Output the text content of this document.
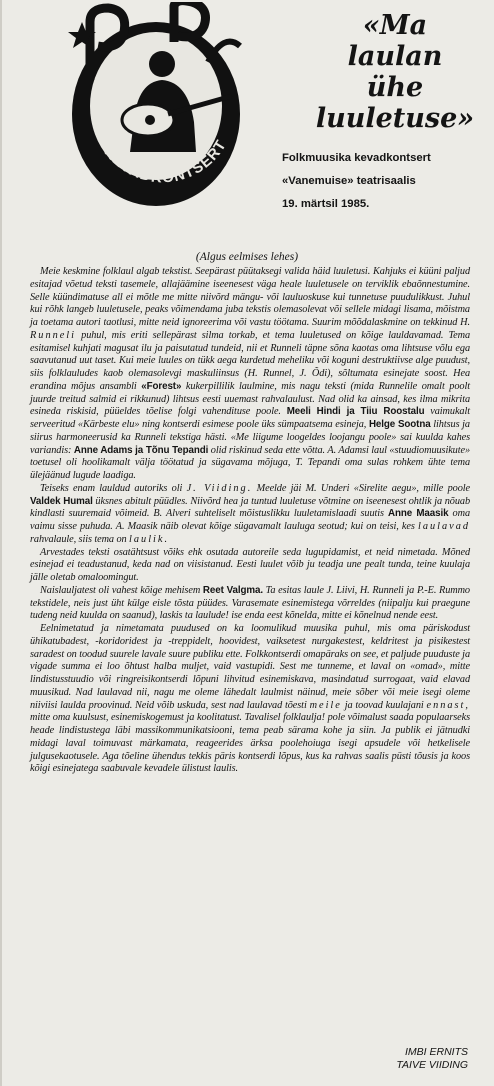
KEVADKONTSERT
«Ma
laulan
ühe
luuletuse»
Folkmuusika kevadkontsert
«Vanemuise» teatrisaalis
19. märtsil 1985.
(Algus eelmises lehes)

Meie keskmine folklaul algab tekstist. Seepärast püütaksegi valida häid luuletusi. Kahjuks ei küüni paljud esitajad võetud teksti tasemele, allajäämine iseenesest väga heale luuletusele on terviklik ebaõnnestumine. Selle küündimatuse all ei mõtle me mitte niivõrd mängu- või lauluoskuse kui tunnetuse puudulikkust. Juhul kui rõhk langeb luuletusele, peaks võimendama juba tekstis olemasolevat või sellele midagi lisama, mõistma ja toetama autori taotlusi, mitte neid ignoreerima või vastu töötama. Suurim mõõdalaskmine on tekkinud H. Runneli puhul, mis eriti sellepärast silma torkab, et tema luuletused on kõige lauldavamad. Tema esitamisel kuhjati magusat ilu ja paisutatud tundeid, nii et Runneli täpne sõna kaotas oma lihtsuse võlu ega saavutanud uut taset. Kui meie luules on tükk aega kurdetud meheliku või koguni destruktiivse alge puudust, siis folklauludes kaob olemasolevgi maskuliinsus (H. Runnel, J. Õdi), sõltumata esinejate soost. Hea erandina mõjus ansambli «Forest» kukerpillilik laulmine, mis nagu teksti (mida Runnelile omalt poolt juurde treitud salmid ei rikkunud) lihtsus eesti uuemast rahvalaulust. Nad olid ka ainsad, kes ilma mikrita esineda riskisid, püüeldes tõelise folgi vahendituse poole. Meeli Hindi ja Tiiu Roostalu vaimukalt serveeritud «Kärbeste elu» ning kontserdi esimese poole üks sümpaatsema esineja, Helge Sootna lihtsus ja siirus harmoneerusid ka Runneli tekstiga hästi. «Me liigume loogeldes loojangu poole» sai kuulda kahes variandis: Anne Adams ja Tõnu Tepandi olid riskinud seda ette võtta. A. Adamsi laul «stuudiomuusikute» toetusel oli hoolikamalt välja töötatud ja sügavama mõjuga, T. Tepandi oma sulas rohkem ühte tema ülejäänud lugude laadiga.

Teiseks enam lauldud autoriks oli J. Viiding. Meelde jäi M. Underi «Sirelite aegu», mille poole Valdek Humal üksnes abitult püüdles. Niivõrd hea ja tuntud luuletuse võtmine on iseenesest ohtlik ja nõuab kindlasti suuremaid võimeid. B. Alveri suhteliselt mõistuslikku luuletamislaadi suutis Anne Maasik oma vaimu sisse puhuda. A. Maasik näib olevat kõige sügavamalt lauluga seotud; kui on teisi, kes laulavad rahvalaule, siis tema on laulik.

Arvestades teksti osatähtsust võiks ehk osutada autoreile seda lugupidamist, et neid nimetada. Mõned esinejad ei teadustanud, keda nad on viisistanud. Eesti luulet võib ju teadja une pealt tunda, teine kuulaja jälle oletab omaloomingut.

Naislauljatest oli vahest kõige mehisem Reet Valgma. Ta esitas laule J. Liivi, H. Runneli ja P.-E. Rummo tekstidele, neis just üht külge eisle tõsta püüdes. Varasemate esinemistega võrreldes (niipalju kui praegune tudeng neid kuulda on saanud), laskis ta laulude! ise enda eest kõnelda, mitte ei kõnelnud nende eest.

Eelnimetatud ja nimetamata puudused on ka loomulikud muusika puhul, mis oma päriskodust ühikatubadest, -koridoridest ja -treppidelt, hoovidest, vaiksetest nurgakestest, keldritest ja pisikestest saradest on toodud suurele lavale suure publiku ette. Folkkontserdi omapäraks on see, et paljude puuduste ja vigade summa ei loo õhtust halba muljet, vaid vastupidi. Sest me tunneme, et laval on «omad», mitte lindistusstuudio või ringreisikontserdi lõpuni lihvitud esinemiskava, masindatud surrogaat, vaid elavad muusikud. Nad laulavad nii, nagu me oleme lähedalt laulmist näinud, meie sõber või meie isegi oleme niiviisi laulda proovinud. Neid võib uskuda, sest nad laulavad tõesti meile ja toovad kuulajani ennast, mitte oma kuulsust, esinemiskogemust ja koolitatust. Tavalisel folklaulja! pole võimalust saada populaarseks heade lindistustega läbi massikommunikatsiooni, tema peab särama kohe ja siin. Ja publik ei jätnudki midagi laval toimuvast märkamata, reageerides ärksa poolehoiuga isegi apsudele või hetkelisele julgusekaotusele. Aga tõeline ühendus tekkis päris kontserdi lõpus, kus ka rahvas saalis püsti tõusis ja koos kõigi esinejatega saabuvale kevadele ülistust laulis.

IMBI ERNITS
TAIVE VIIDING
